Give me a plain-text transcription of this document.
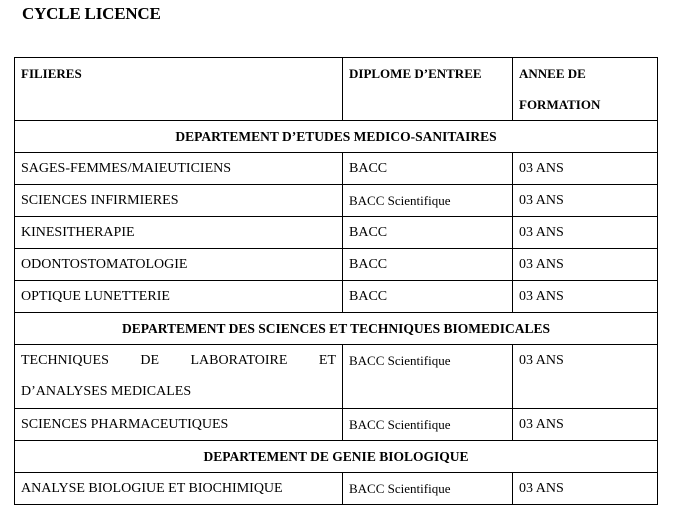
CYCLE LICENCE
FILIERES	DIPLOME D’ENTREE	ANNEE DE
FORMATION
DEPARTEMENT D’ETUDES MEDICO-SANITAIRES		
SAGES-FEMMES/MAIEUTICIENS	BACC	03 ANS
SCIENCES INFIRMIERES	BACC Scientifique	03 ANS
KINESITHERAPIE	BACC	03 ANS
ODONTOSTOMATOLOGIE	BACC	03 ANS
OPTIQUE LUNETTERIE	BACC	03 ANS
DEPARTEMENT DES SCIENCES ET TECHNIQUES BIOMEDICALES		

TECHNIQUES DE LABORATOIRE ET
D’ANALYSES MEDICALES	BACC Scientifique	03 ANS
SCIENCES PHARMACEUTIQUES	BACC Scientifique	03 ANS
DEPARTEMENT DE GENIE BIOLOGIQUE		
ANALYSE BIOLOGIUE ET BIOCHIMIQUE	BACC Scientifique	03 ANS
